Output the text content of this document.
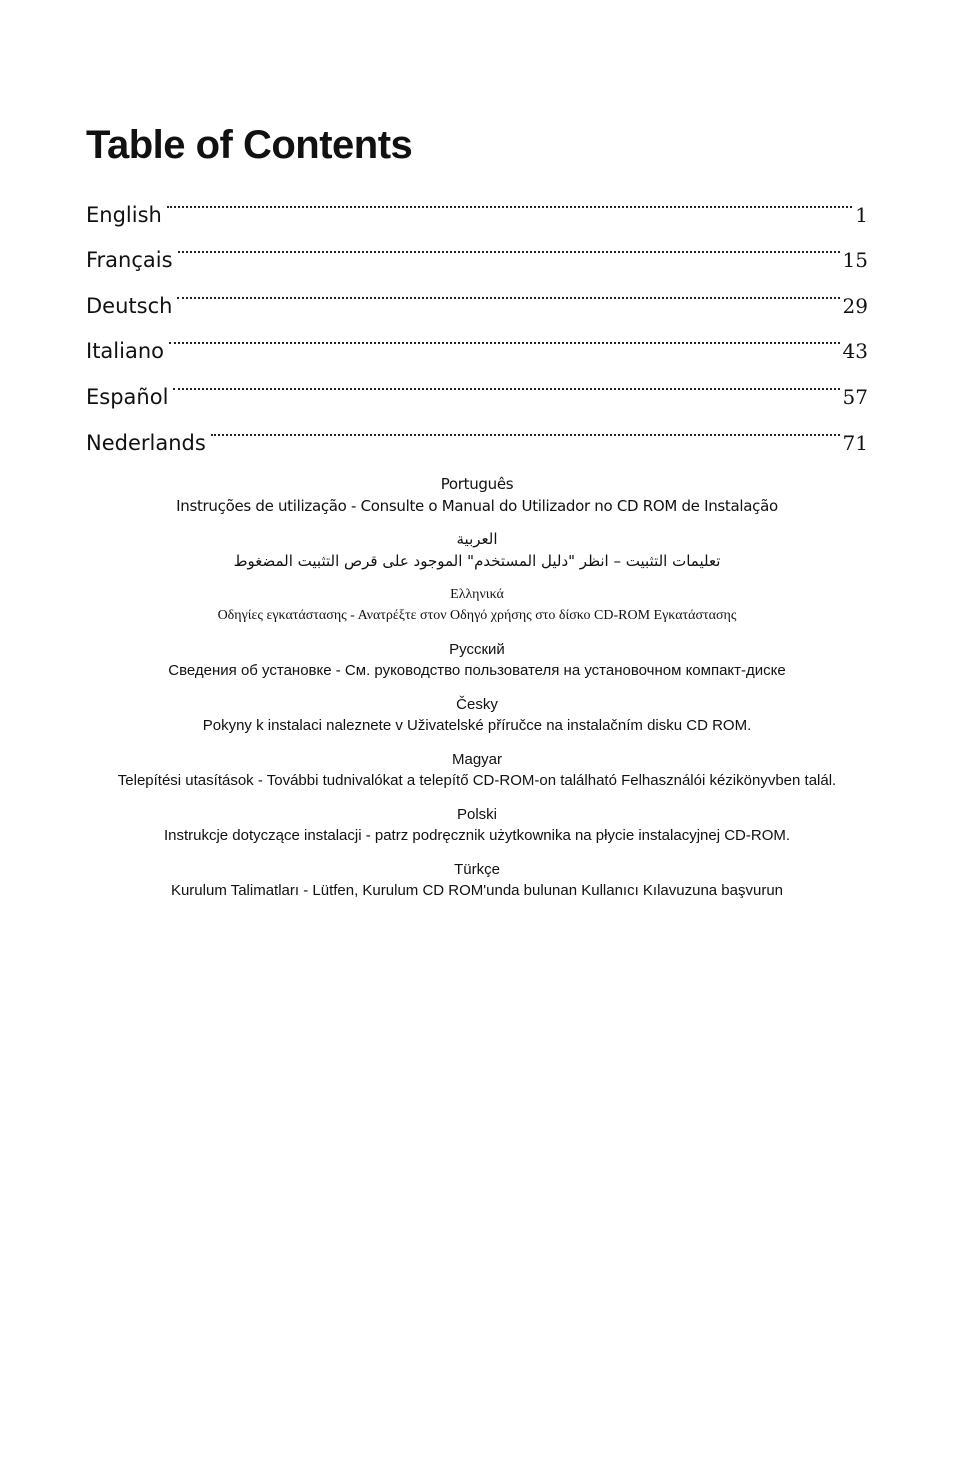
Table of Contents
English	1
Français	15
Deutsch	29
Italiano	43
Español	57
Nederlands	71
Português
Instruções de utilização - Consulte o Manual do Utilizador no CD ROM de Instalação
العربية
تعليمات التثبيت – انظر "دليل المستخدم" الموجود على قرص التثبيت المضغوط
Ελληνικά
Οδηγίες εγκατάστασης - Ανατρέξτε στον Οδηγό χρήσης στο δίσκο CD-ROM Εγκατάστασης
Русский
Сведения об установке - См. руководство пользователя на установочном компакт-диске
Česky
Pokyny k instalaci naleznete v Uživatelské příručce na instalačním disku CD ROM.
Magyar
Telepítési utasítások - További tudnivalókat a telepítő CD-ROM-on található Felhasználói kézikönyvben talál.
Polski
Instrukcje dotyczące instalacji - patrz podręcznik użytkownika na płycie instalacyjnej CD-ROM.
Türkçe
Kurulum Talimatları - Lütfen, Kurulum CD ROM'unda bulunan Kullanıcı Kılavuzuna başvurun
